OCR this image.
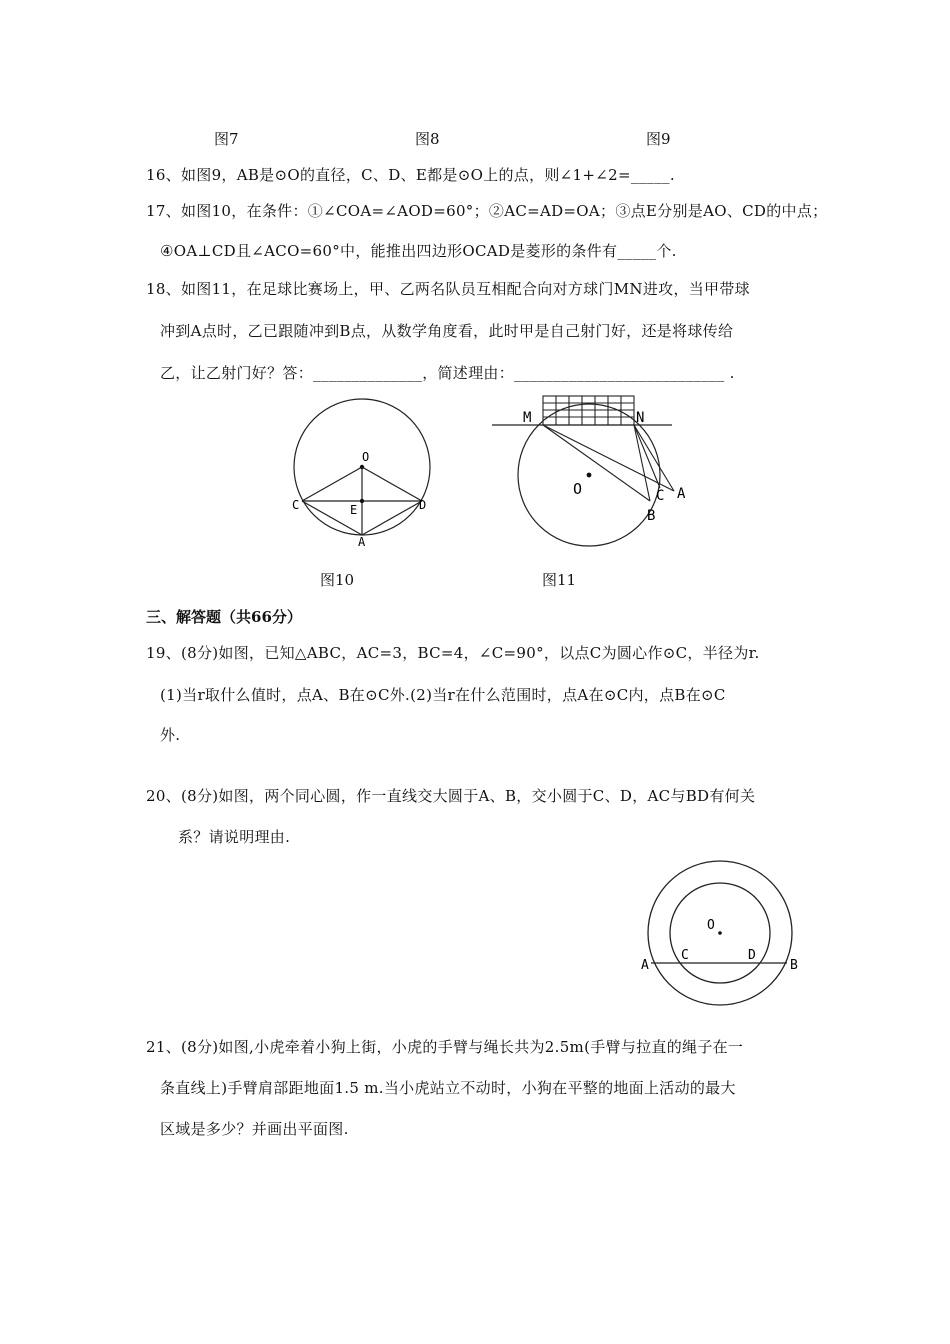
图7	图8	图9
16、如图9，AB是⊙O的直径，C、D、E都是⊙O上的点，则∠1+∠2=_____.
17、如图10，在条件：①∠COA=∠AOD=60°；②AC=AD=OA；③点E分别是AO、CD的中点；
④OA⊥CD且∠ACO=60°中，能推出四边形OCAD是菱形的条件有_____个.
18、如图11，在足球比赛场上，甲、乙两名队员互相配合向对方球门MN进攻，当甲带球
冲到A点时，乙已跟随冲到B点，从数学角度看，此时甲是自己射门好，还是将球传给
乙，让乙射门好？答：______________，简述理由：___________________________ .
O
C	D
E
A
M	N
O	C A
B
图10	图11
三、解答题（共66分）
19、(8分)如图，已知△ABC，AC=3，BC=4，∠C=90°，以点C为圆心作⊙C，半径为r.
(1)当r取什么值时，点A、B在⊙C外.(2)当r在什么范围时，点A在⊙C内，点B在⊙C
外.
20、(8分)如图，两个同心圆，作一直线交大圆于A、B，交小圆于C、D，AC与BD有何关
系？请说明理由.
O
A
C	D
B
21、(8分)如图,小虎牵着小狗上街，小虎的手臂与绳长共为2.5m(手臂与拉直的绳子在一
条直线上)手臂肩部距地面1.5 m.当小虎站立不动时，小狗在平整的地面上活动的最大
区域是多少？并画出平面图.
